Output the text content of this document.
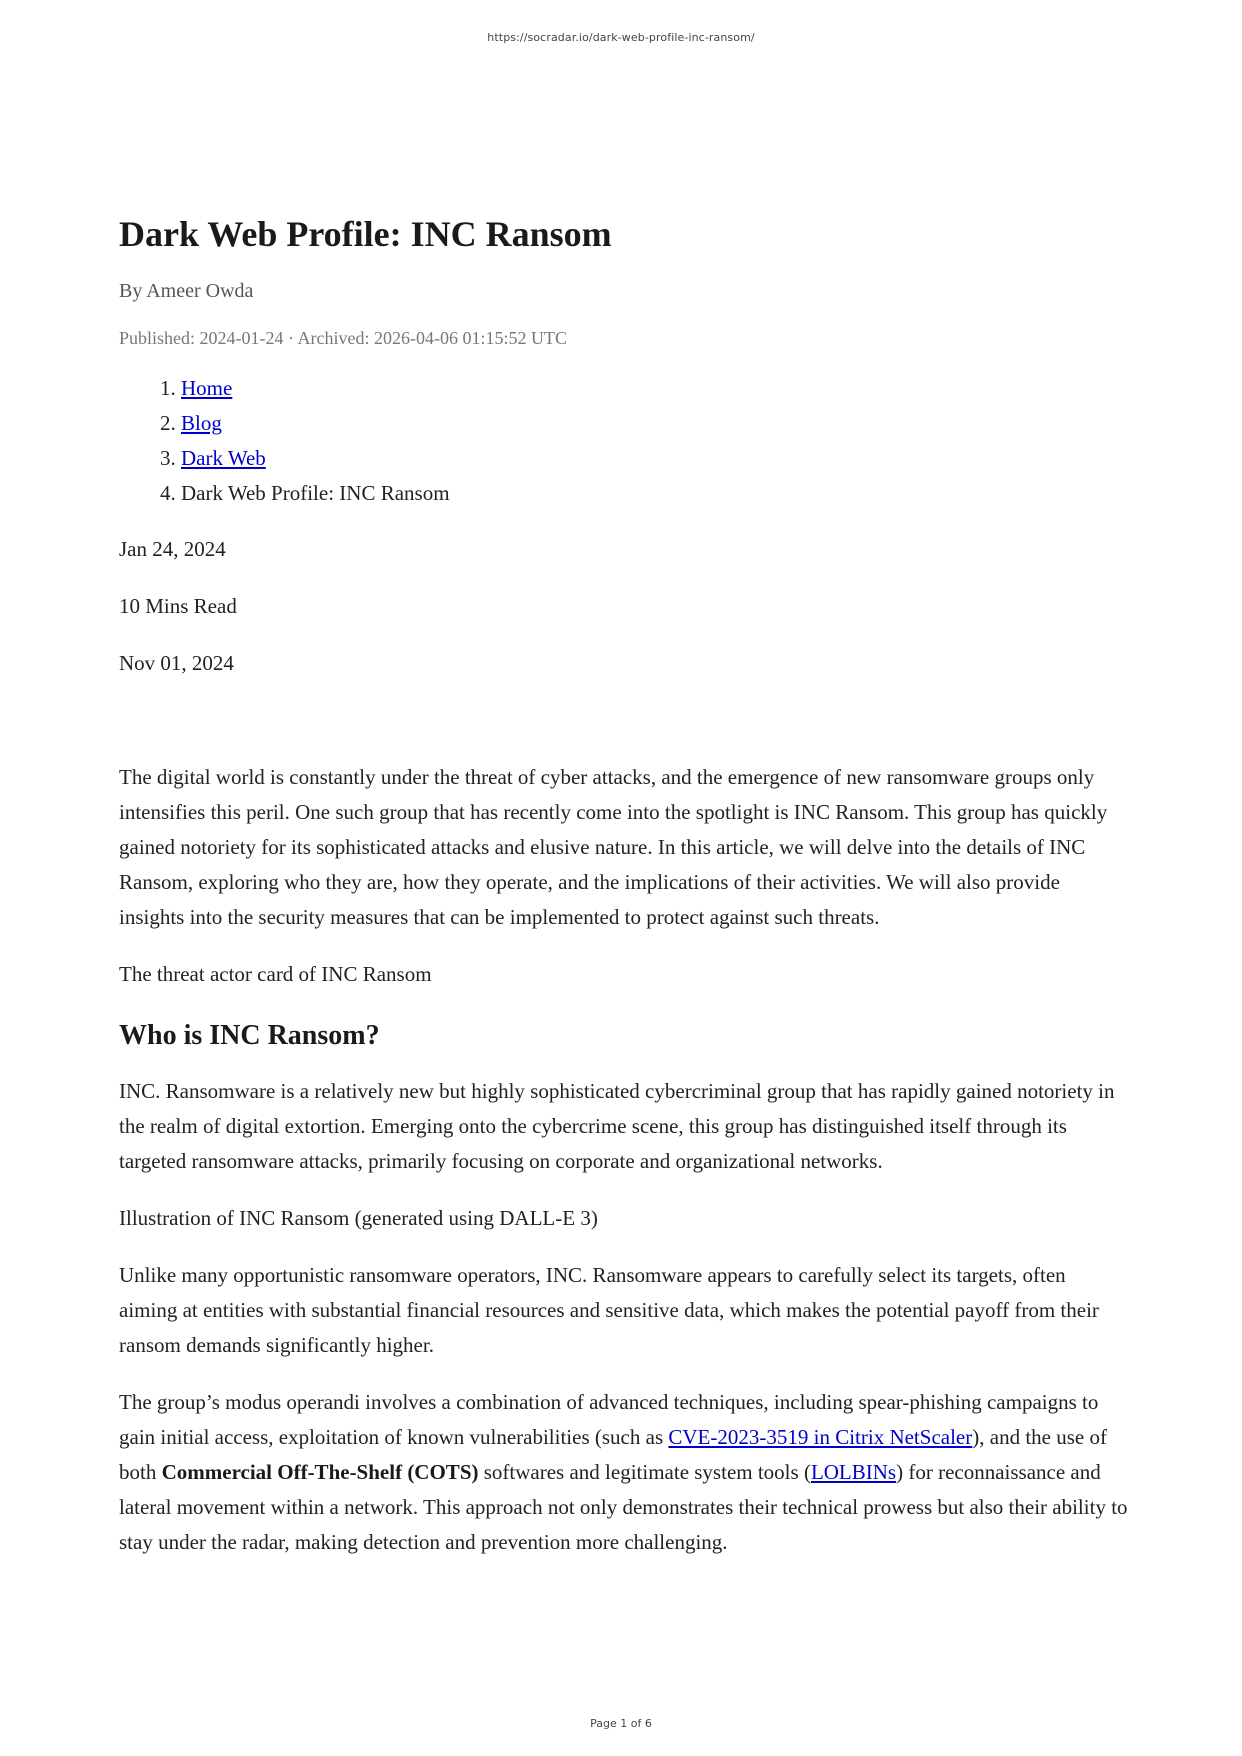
https://socradar.io/dark-web-profile-inc-ransom/
Dark Web Profile: INC Ransom
By Ameer Owda
Published: 2024-01-24 · Archived: 2026-04-06 01:15:52 UTC
1. Home
2. Blog
3. Dark Web
4. Dark Web Profile: INC Ransom
Jan 24, 2024
10 Mins Read
Nov 01, 2024

The digital world is constantly under the threat of cyber attacks, and the emergence of new ransomware groups only intensifies this peril. One such group that has recently come into the spotlight is INC Ransom. This group has quickly gained notoriety for its sophisticated attacks and elusive nature. In this article, we will delve into the details of INC Ransom, exploring who they are, how they operate, and the implications of their activities. We will also provide insights into the security measures that can be implemented to protect against such threats.

The threat actor card of INC Ransom

Who is INC Ransom?

INC. Ransomware is a relatively new but highly sophisticated cybercriminal group that has rapidly gained notoriety in the realm of digital extortion. Emerging onto the cybercrime scene, this group has distinguished itself through its targeted ransomware attacks, primarily focusing on corporate and organizational networks.

Illustration of INC Ransom (generated using DALL-E 3)

Unlike many opportunistic ransomware operators, INC. Ransomware appears to carefully select its targets, often aiming at entities with substantial financial resources and sensitive data, which makes the potential payoff from their ransom demands significantly higher.

The group’s modus operandi involves a combination of advanced techniques, including spear-phishing campaigns to gain initial access, exploitation of known vulnerabilities (such as CVE-2023-3519 in Citrix NetScaler), and the use of both Commercial Off-The-Shelf (COTS) softwares and legitimate system tools (LOLBINs) for reconnaissance and lateral movement within a network. This approach not only demonstrates their technical prowess but also their ability to stay under the radar, making detection and prevention more challenging.

Page 1 of 6
